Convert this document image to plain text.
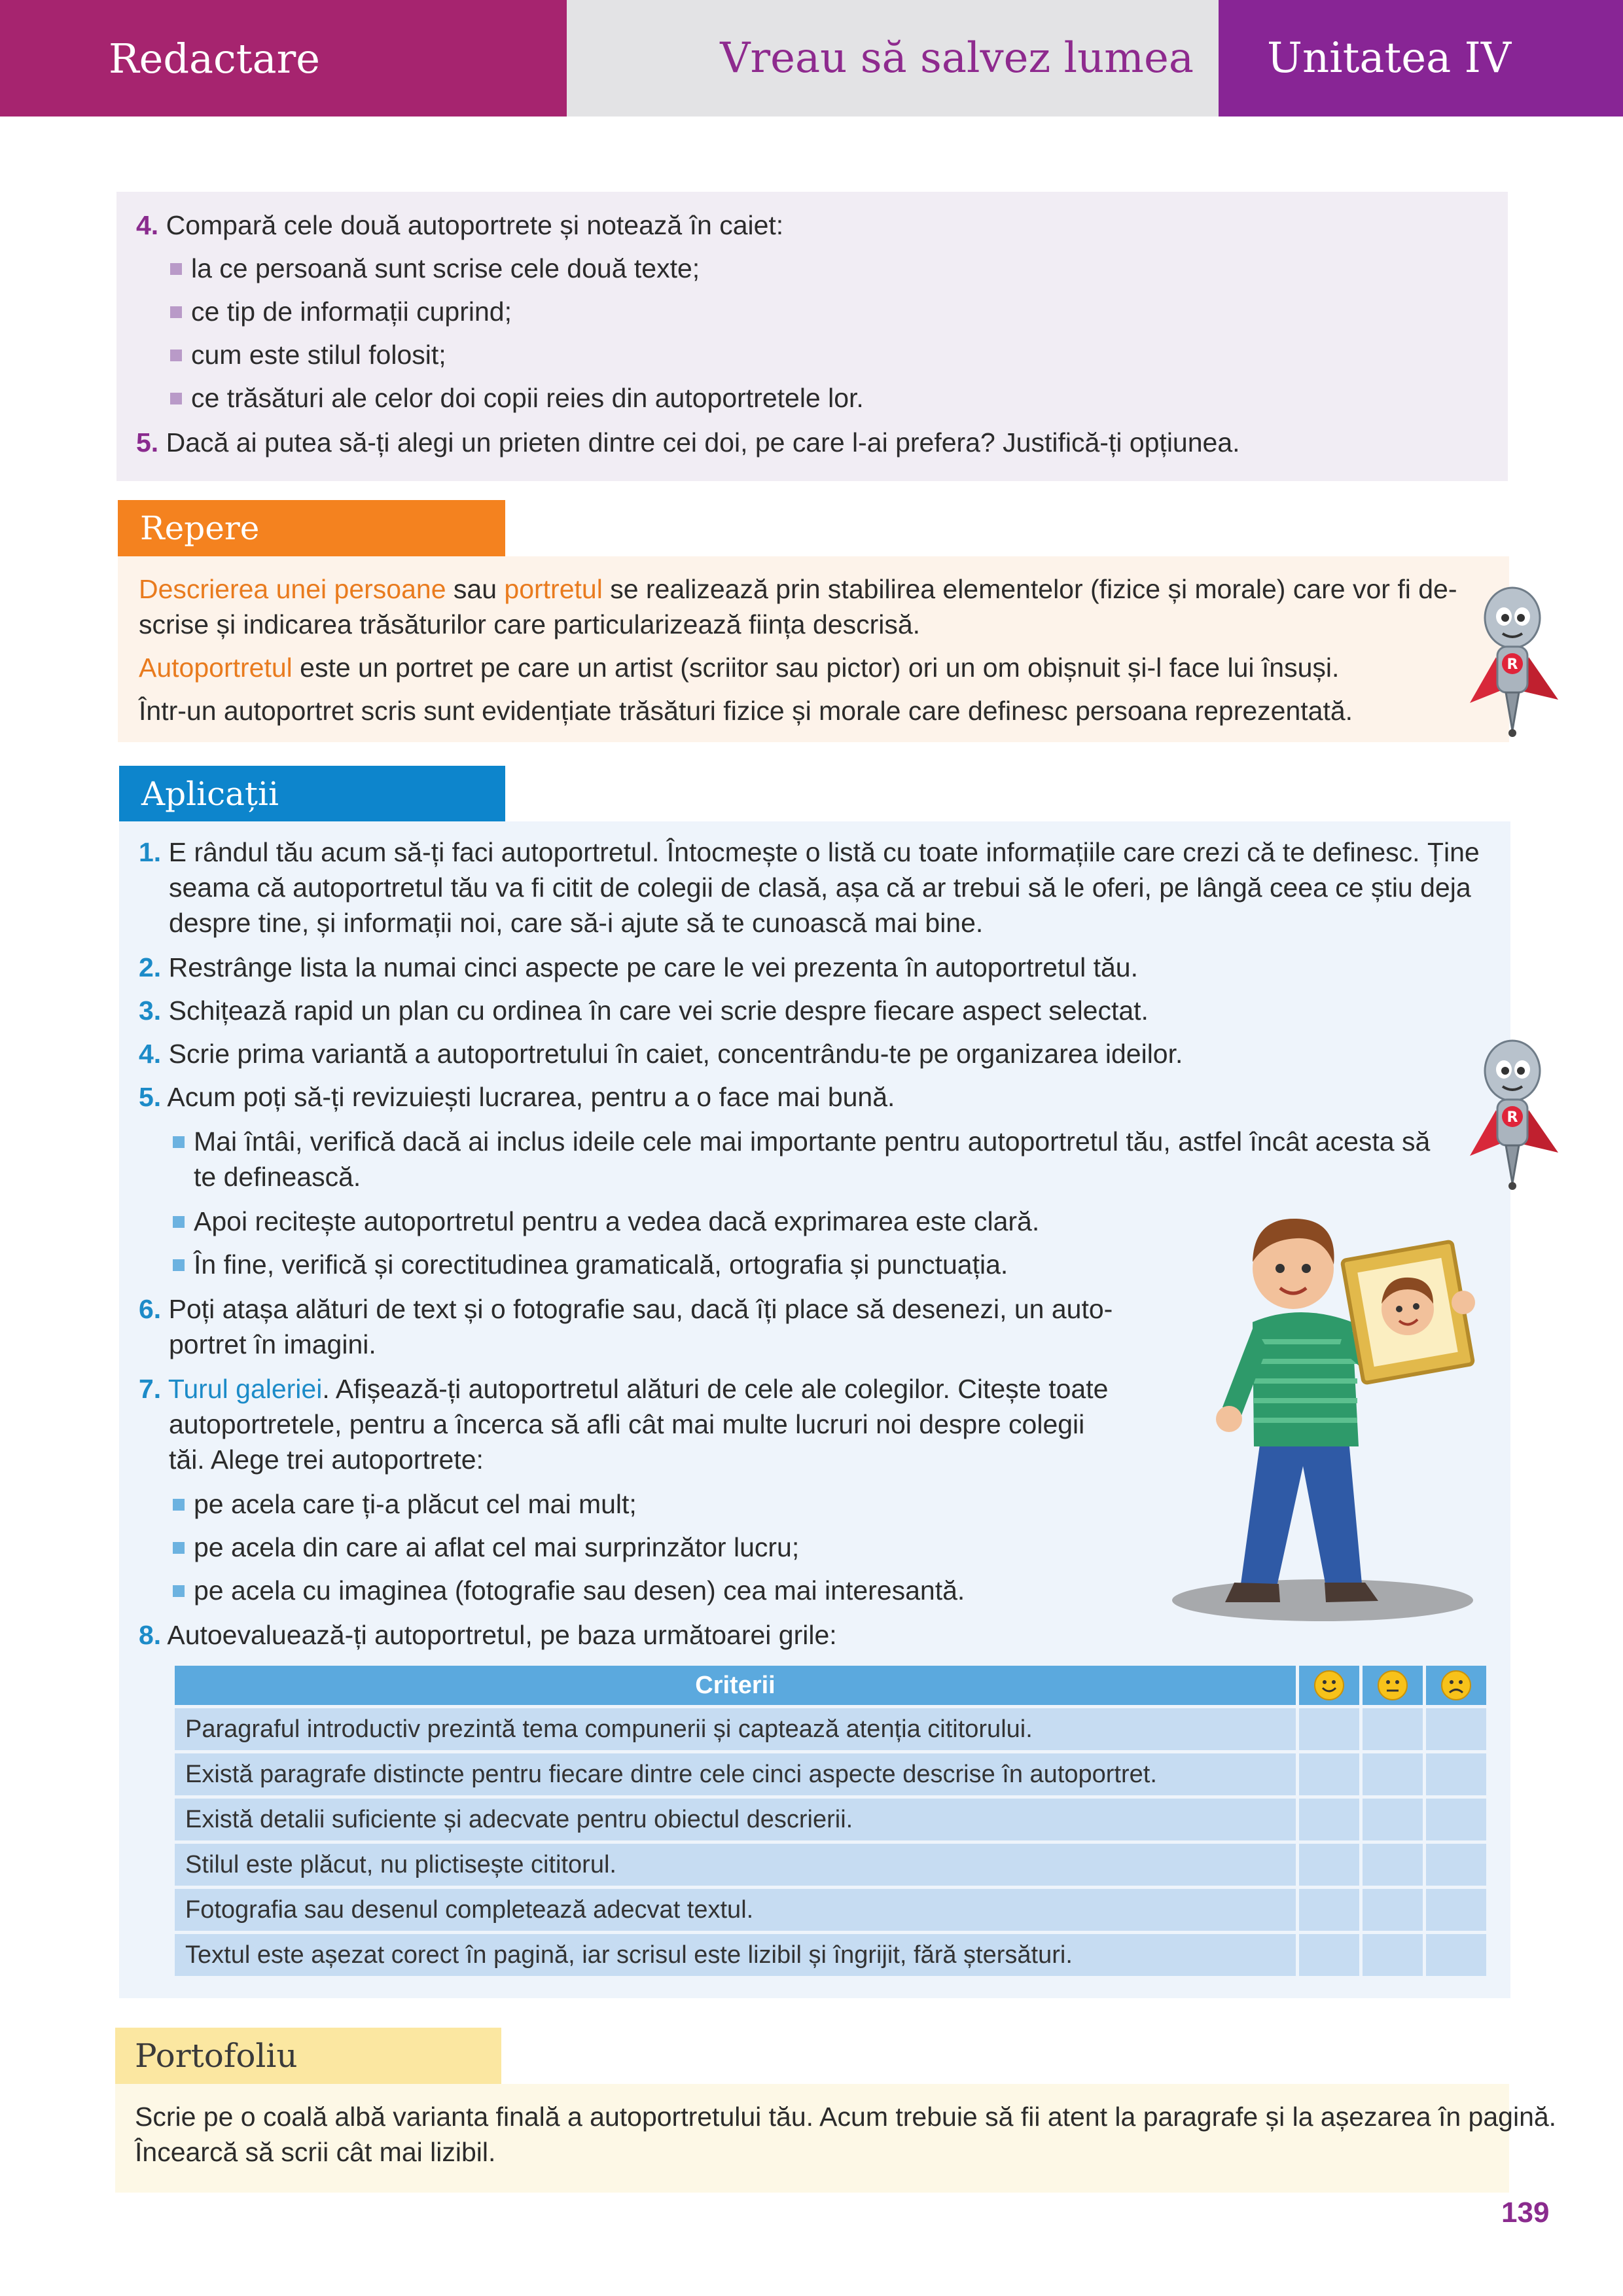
Redactare	Vreau să salvez lumea	Unitatea IV
4. Compară cele două autoportrete și notează în caiet:
la ce persoană sunt scrise cele două texte;
ce tip de informații cuprind;
cum este stilul folosit;
ce trăsături ale celor doi copii reies din autoportretele lor.
5. Dacă ai putea să-ți alegi un prieten dintre cei doi, pe care l-ai prefera? Justifică-ți opțiunea.
Repere
Descrierea unei persoane sau portretul se realizează prin stabilirea elementelor (fizice și morale) care vor fi de-
scrise și indicarea trăsăturilor care particularizează ființa descrisă.
Autoportretul este un portret pe care un artist (scriitor sau pictor) ori un om obișnuit și-l face lui însuși.
Într-un autoportret scris sunt evidențiate trăsături fizice și morale care definesc persoana reprezentată.
R
Aplicații
1. E rândul tău acum să-ți faci autoportretul. Întocmește o listă cu toate informațiile care crezi că te definesc. Ține
seama că autoportretul tău va fi citit de colegii de clasă, așa că ar trebui să le oferi, pe lângă ceea ce știu deja
despre tine, și informații noi, care să-i ajute să te cunoască mai bine.
2. Restrânge lista la numai cinci aspecte pe care le vei prezenta în autoportretul tău.
3. Schițează rapid un plan cu ordinea în care vei scrie despre fiecare aspect selectat.
4. Scrie prima variantă a autoportretului în caiet, concentrându-te pe organizarea ideilor.
5. Acum poți să-ți revizuiești lucrarea, pentru a o face mai bună.
Mai întâi, verifică dacă ai inclus ideile cele mai importante pentru autoportretul tău, astfel încât acesta să
te definească.
Apoi recitește autoportretul pentru a vedea dacă exprimarea este clară.
În fine, verifică și corectitudinea gramaticală, ortografia și punctuația.
6. Poți atașa alături de text și o fotografie sau, dacă îți place să desenezi, un auto-
portret în imagini.
7. Turul galeriei. Afișează-ți autoportretul alături de cele ale colegilor. Citește toate
autoportretele, pentru a încerca să afli cât mai multe lucruri noi despre colegii
tăi. Alege trei autoportrete:
pe acela care ți-a plăcut cel mai mult;
pe acela din care ai aflat cel mai surprinzător lucru;
pe acela cu imaginea (fotografie sau desen) cea mai interesantă.
8. Autoevaluează-ți autoportretul, pe baza următoarei grile:
R
Criterii			
Paragraful introductiv prezintă tema compunerii și captează atenția cititorului.			
Există paragrafe distincte pentru fiecare dintre cele cinci aspecte descrise în autoportret.			
Există detalii suficiente și adecvate pentru obiectul descrierii.			
Stilul este plăcut, nu plictisește cititorul.			
Fotografia sau desenul completează adecvat textul.			
Textul este așezat corect în pagină, iar scrisul este lizibil și îngrijit, fără ștersături.			
Portofoliu
Scrie pe o coală albă varianta finală a autoportretului tău. Acum trebuie să fii atent la paragrafe și la așezarea în pagină.
Încearcă să scrii cât mai lizibil.
139
